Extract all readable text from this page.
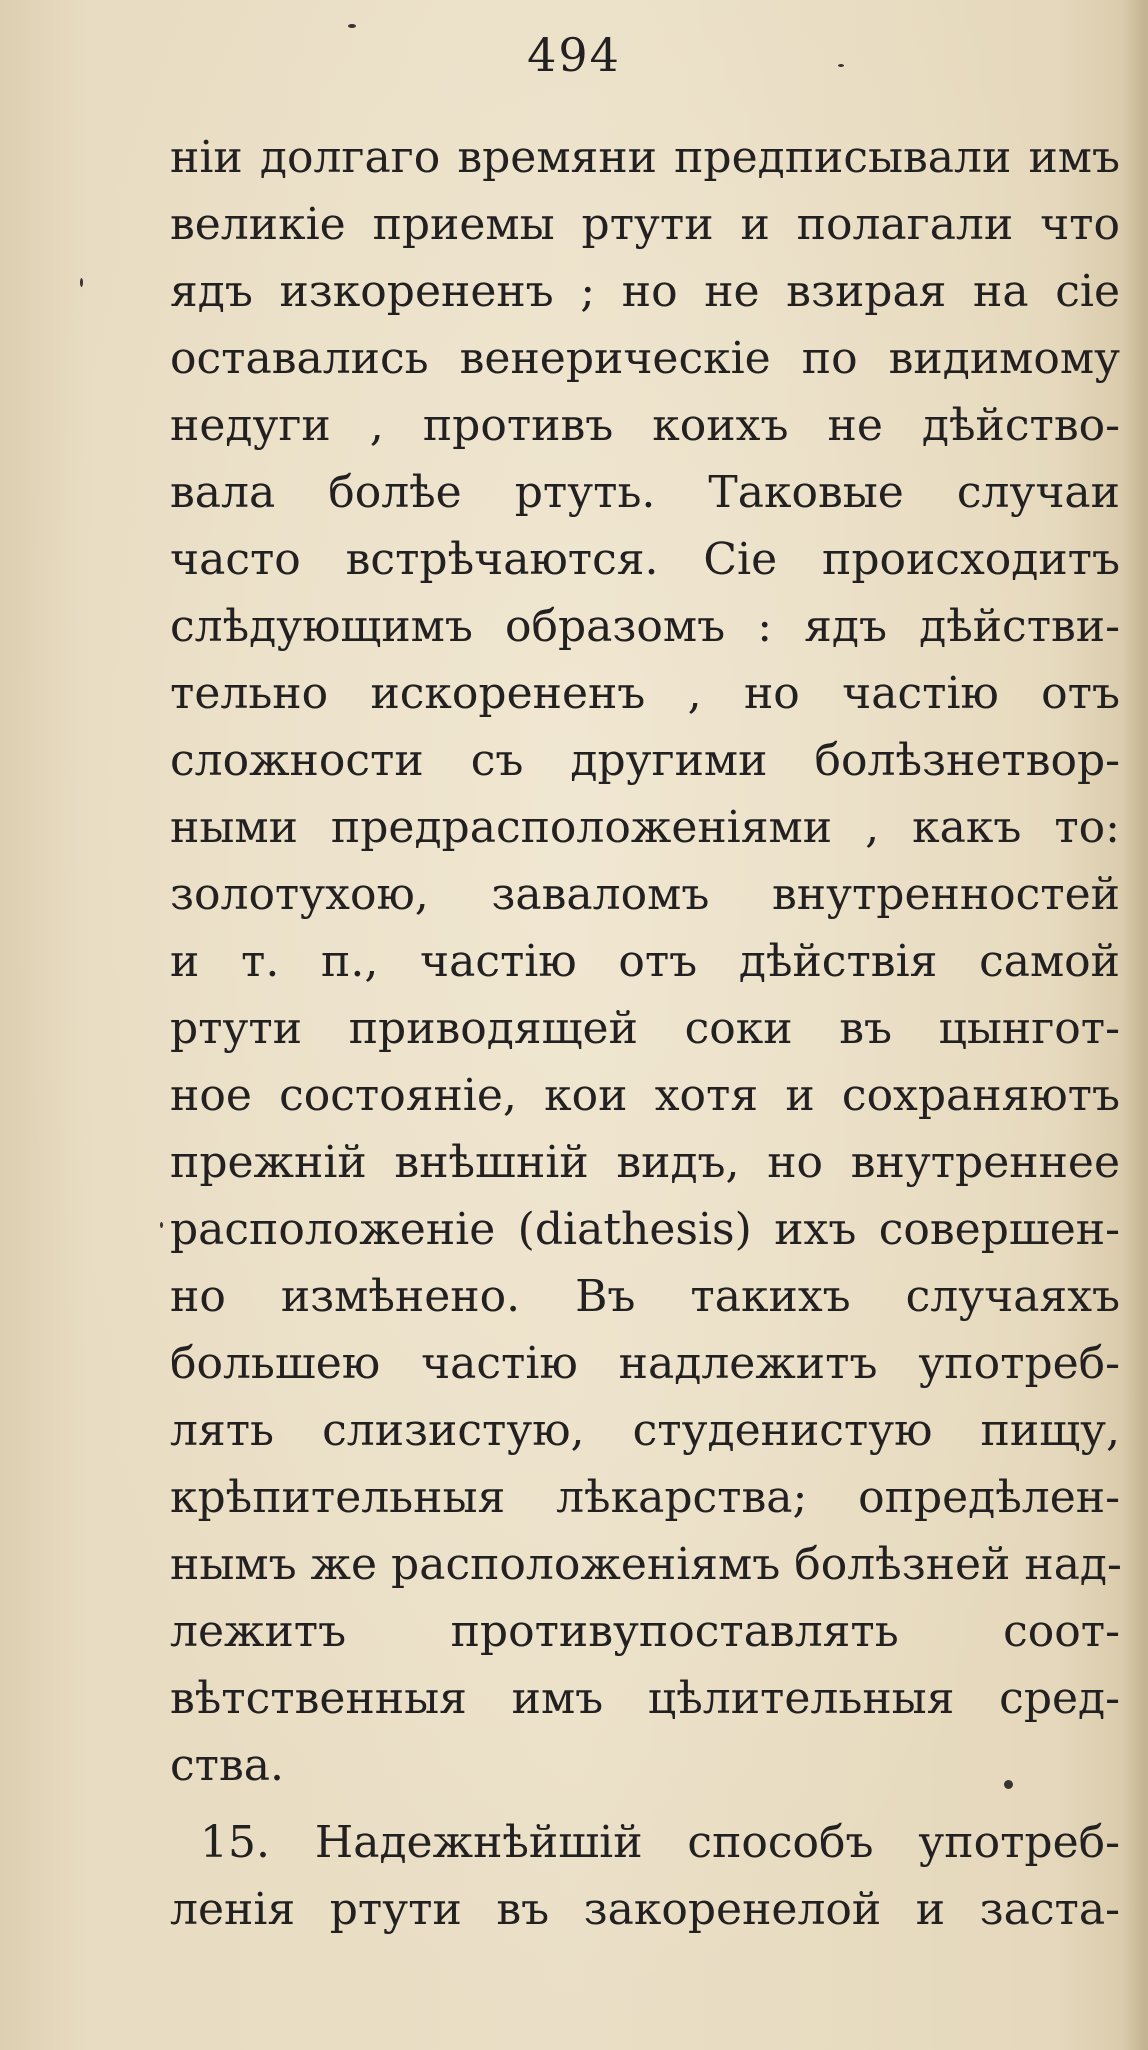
494
ніи долгаго времяни предписывали имъ
великіе приемы ртути и полагали что
ядъ изкорененъ ; но не взирая на сіе
оставались венерическіе по видимому
недуги , противъ коихъ не дѣйство-
вала болѣе ртуть. Таковые случаи
часто встрѣчаются. Сіе происходитъ
слѣдующимъ образомъ : ядъ дѣйстви-
тельно искорененъ , но частію отъ
сложности съ другими болѣзнетвор-
ными предрасположеніями , какъ то:
золотухою, заваломъ внутренностей
и т. п., частію отъ дѣйствія самой
ртути приводящей соки въ цынгот-
ное состояніе, кои хотя и сохраняютъ
прежній внѣшній видъ, но внутреннее
расположеніе (diathesis) ихъ совершен-
но измѣнено. Въ такихъ случаяхъ
большею частію надлежитъ употреб-
лять слизистую, студенистую пищу,
крѣпительныя лѣкарства; опредѣлен-
нымъ же расположеніямъ болѣзней над-
лежитъ противупоставлять соот-
вѣтственныя имъ цѣлительныя сред-
ства.
15. Надежнѣйшій способъ употреб-
ленія ртути въ закоренелой и заста-
